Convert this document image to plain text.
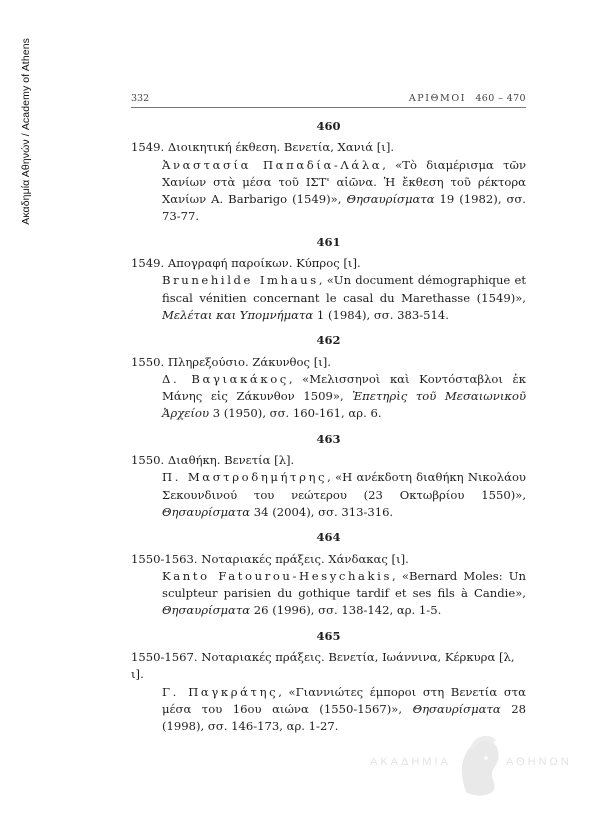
Ακαδημία Αθηνών / Academy of Athens	332	ΑΡΙΘΜΟΙ 460 – 470
460
1549. Διοικητική έκθεση. Βενετία, Χανιά [ι].
Ἀναστασία Παπαδία-Λάλα, «Τὸ διαμέρισμα τῶν Χανίων στὰ μέσα τοῦ ΙΣΤ' αἰῶνα. Ἡ ἔκθεση τοῦ ρέκτορα Χανίων A. Barbarigo (1549)», Θησαυρίσματα 19 (1982), σσ. 73-77.
461
1549. Απογραφή παροίκων. Κύπρος [ι].
Brunehilde Imhaus, «Un document démographique et fiscal vénitien concernant le casal du Marethasse (1549)», Μελέται και Υπομνήματα 1 (1984), σσ. 383-514.
462
1550. Πληρεξούσιο. Ζάκυνθος [ι].
Δ. Βαγιακάκος, «Μελισσηνοὶ καὶ Κοντόσταβλοι ἐκ Μάνης εἰς Ζάκυνθον 1509», Ἐπετηρὶς τοῦ Μεσαιωνικοῦ Ἀρχείου 3 (1950), σσ. 160-161, αρ. 6.
463
1550. Διαθήκη. Βενετία [λ].
Π. Μαστροδημήτρης, «Η ανέκδοτη διαθήκη Νικολάου Σεκουνδινού του νεώτερου (23 Οκτωβρίου 1550)», Θησαυρίσματα 34 (2004), σσ. 313-316.
464
1550-1563. Νοταριακές πράξεις. Χάνδακας [ι].
Kanto Fatourou-Hesychakis, «Bernard Moles: Un sculpteur parisien du gothique tardif et ses fils à Candie», Θησαυρίσματα 26 (1996), σσ. 138-142, αρ. 1-5.
465
1550-1567. Νοταριακές πράξεις. Βενετία, Ιωάννινα, Κέρκυρα [λ, ι].
Γ. Παγκράτης, «Γιαννιώτες έμποροι στη Βενετία στα μέσα του 16ου αιώνα (1550-1567)», Θησαυρίσματα 28 (1998), σσ. 146-173, αρ. 1-27.
ΑΚΑΔΗΜΙΑ	ΑΘΗΝΩΝ
